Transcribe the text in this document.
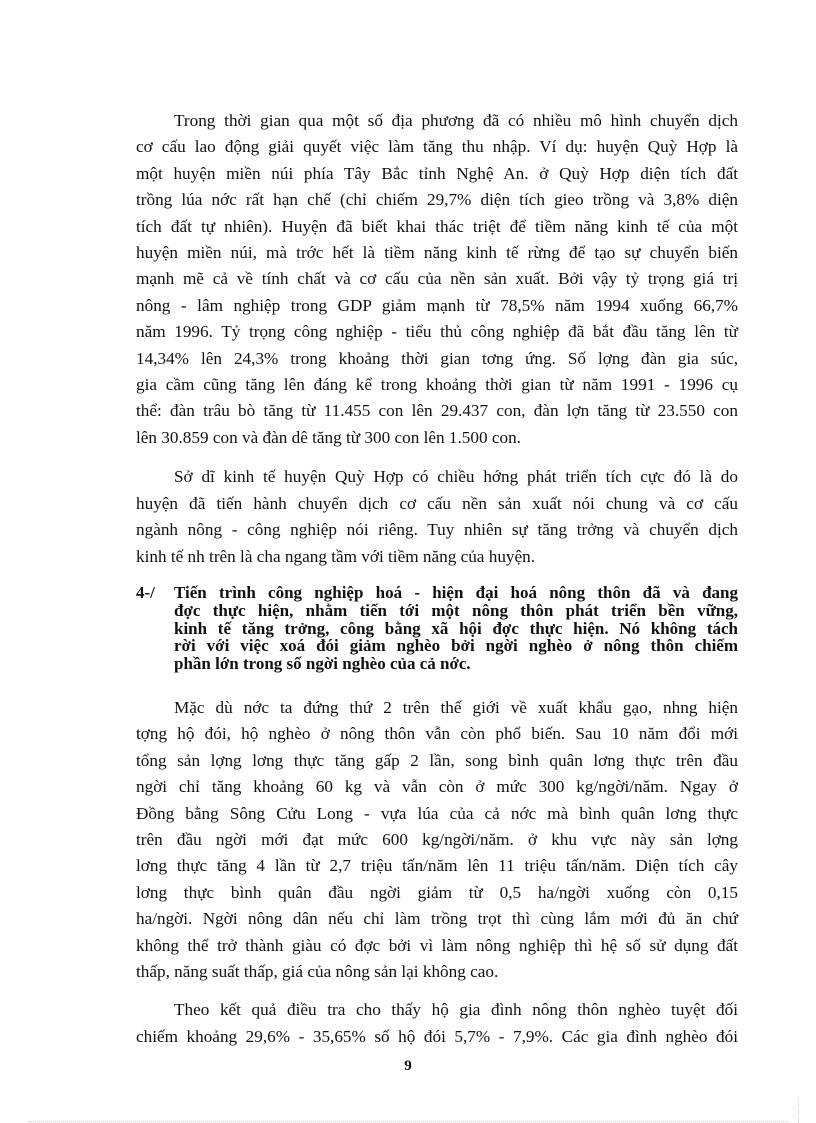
Trong thời gian qua một số địa phương đã có nhiều mô hình chuyển dịch
cơ cấu lao động giải quyết việc làm tăng thu nhập. Ví dụ: huyện Quỳ Hợp là
một huyện miền núi phía Tây Bắc tỉnh Nghệ An. ở Quỳ Hợp diện tích đất
trồng lúa nớc rất hạn chế (chỉ chiếm 29,7% diện tích gieo trồng và 3,8% diện
tích đất tự nhiên). Huyện đã biết khai thác triệt để tiềm năng kinh tế của một
huyện miền núi, mà trớc hết là tiềm năng kinh tế rừng để tạo sự chuyển biến
mạnh mẽ cả về tính chất và cơ cấu của nền sản xuất. Bởi vậy tỷ trọng giá trị
nông - lâm nghiệp trong GDP giảm mạnh từ 78,5% năm 1994 xuống 66,7%
năm 1996. Tỷ trọng công nghiệp - tiểu thủ công nghiệp đã bắt đầu tăng lên từ
14,34% lên 24,3% trong khoảng thời gian tơng ứng. Số lợng đàn gia súc,
gia cầm cũng tăng lên đáng kể trong khoảng thời gian từ năm 1991 - 1996 cụ
thể: đàn trâu bò tăng từ 11.455 con lên 29.437 con, đàn lợn tăng từ 23.550 con
lên 30.859 con và đàn dê tăng từ 300 con lên 1.500 con.
Sở dĩ kinh tế huyện Quỳ Hợp có chiều hớng phát triển tích cực đó là do
huyện đã tiến hành chuyển dịch cơ cấu nền sản xuất nói chung và cơ cấu
ngành nông - công nghiệp nói riêng. Tuy nhiên sự tăng trởng và chuyển dịch
kinh tế nh trên là cha ngang tầm với tiềm năng của huyện.
4-/	Tiến trình công nghiệp hoá - hiện đại hoá nông thôn đã và đang
đợc thực hiện, nhằm tiến tới một nông thôn phát triển bền vững,
kinh tế tăng trởng, công bằng xã hội đợc thực hiện. Nó không tách
rời với việc xoá đói giảm nghèo bởi ngời nghèo ở nông thôn chiếm
phần lớn trong số ngời nghèo của cả nớc.
Mặc dù nớc ta đứng thứ 2 trên thế giới về xuất khẩu gạo, nhng hiện
tợng hộ đói, hộ nghèo ở nông thôn vẫn còn phổ biến. Sau 10 năm đổi mới
tổng sản lợng lơng thực tăng gấp 2 lần, song bình quân lơng thực trên đầu
ngời chỉ tăng khoảng 60 kg và vẫn còn ở mức 300 kg/ngời/năm. Ngay ở
Đồng bằng Sông Cửu Long - vựa lúa của cả nớc mà bình quân lơng thực
trên đầu ngời mới đạt mức 600 kg/ngời/năm. ở khu vực này sản lợng
lơng thực tăng 4 lần từ 2,7 triệu tấn/năm lên 11 triệu tấn/năm. Diện tích cây
lơng thực bình quân đầu ngời giảm từ 0,5 ha/ngời xuống còn 0,15
ha/ngời. Ngời nông dân nếu chỉ làm trồng trọt thì cùng lắm mới đủ ăn chứ
không thể trở thành giàu có đợc bởi vì làm nông nghiệp thì hệ số sử dụng đất
thấp, năng suất thấp, giá của nông sản lại không cao.
Theo kết quả điều tra cho thấy hộ gia đình nông thôn nghèo tuyệt đối
chiếm khoảng 29,6% - 35,65% số hộ đói 5,7% - 7,9%. Các gia đình nghèo đói
9
